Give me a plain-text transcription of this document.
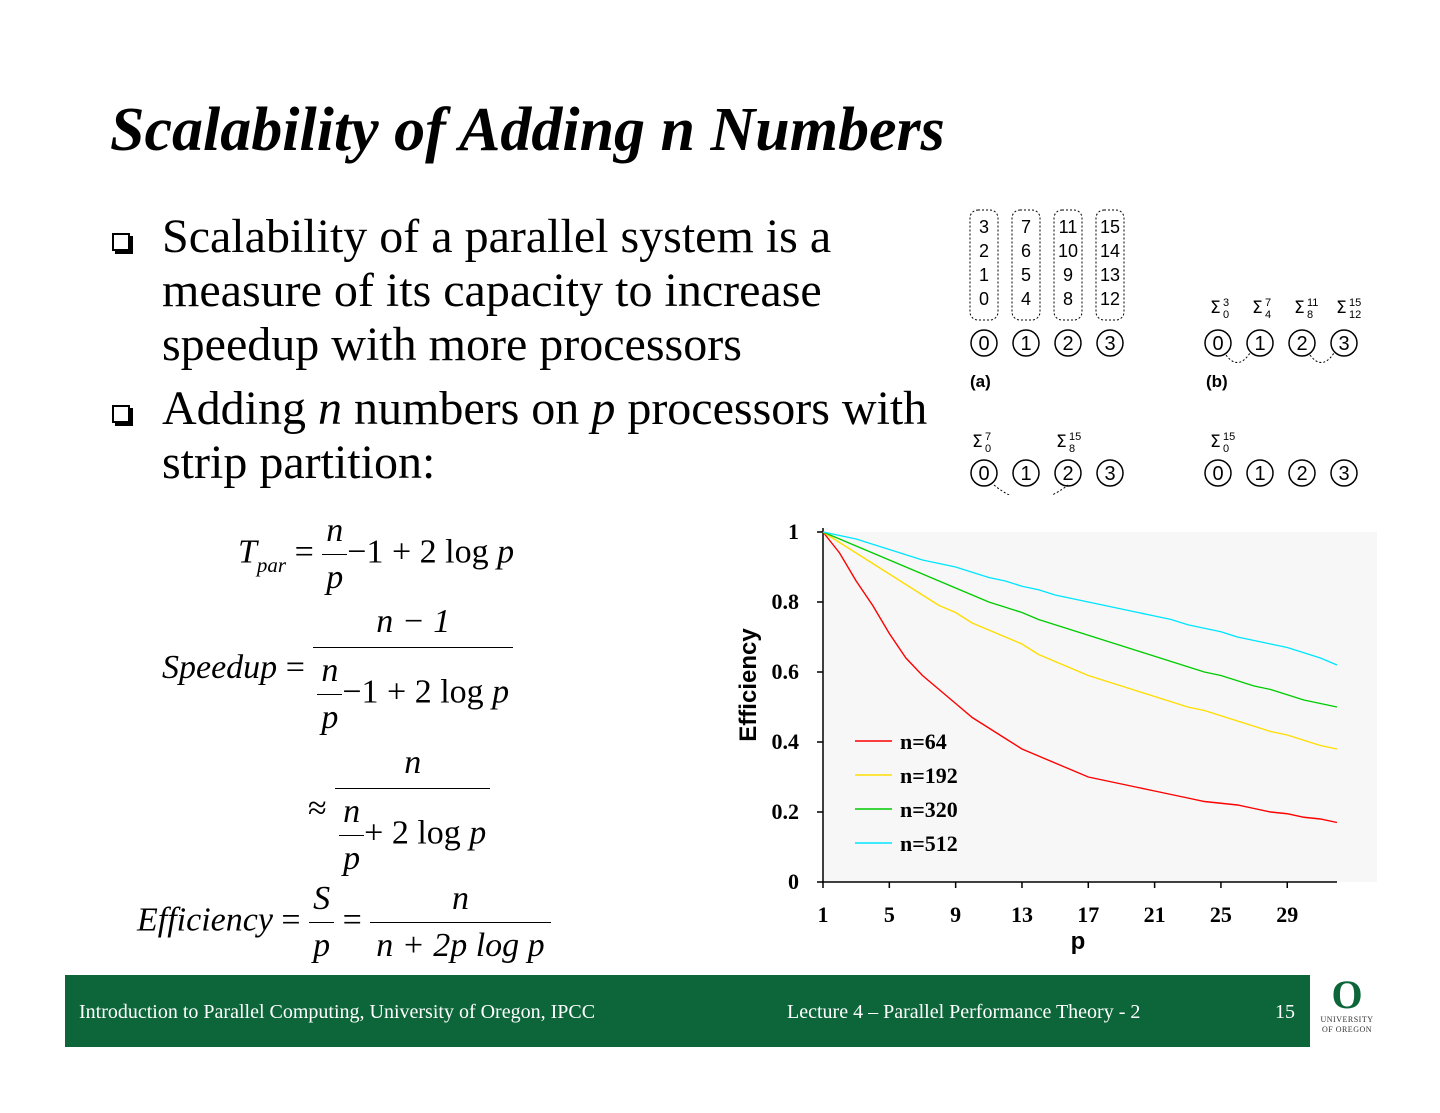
Scalability of Adding n Numbers
Scalability of a parallel system is a measure of its capacity to increase speedup with more processors
Adding n numbers on p processors with strip partition:
$T_{par} = \frac{n}{p} -1 + 2$ log p
Speedup = $\frac{n - 1}{\frac{n}{p} -1 + 2 \log p}$
≈ $\frac{n}{\frac{n}{p} + 2 \log p}$
Efficiency = $\frac{S}{p} = \frac{n}{\text{n + 2p log p}}$
3
2
1
0
7
6
5
4
11
10
9
8
15
14
13
12
0 1 2 3
(a)
Σ 3
0 Σ 7
4 Σ 11
8 Σ 15
12
0 1 2 3
(b)
Σ 7
0	Σ 15
8
0 1 2 3
Σ 15
0
0 1 2 3
0
0.2
0.4
0.6
0.8
1
1	5	9 13 17 21 25 29
p
Efficiency	n=64
n=192
n=320
n=512
Introduction to Parallel Computing, University of Oregon, IPCC	Lecture 4 – Parallel Performance Theory - 2	15 O
UNIVERSITY
OF OREGON
